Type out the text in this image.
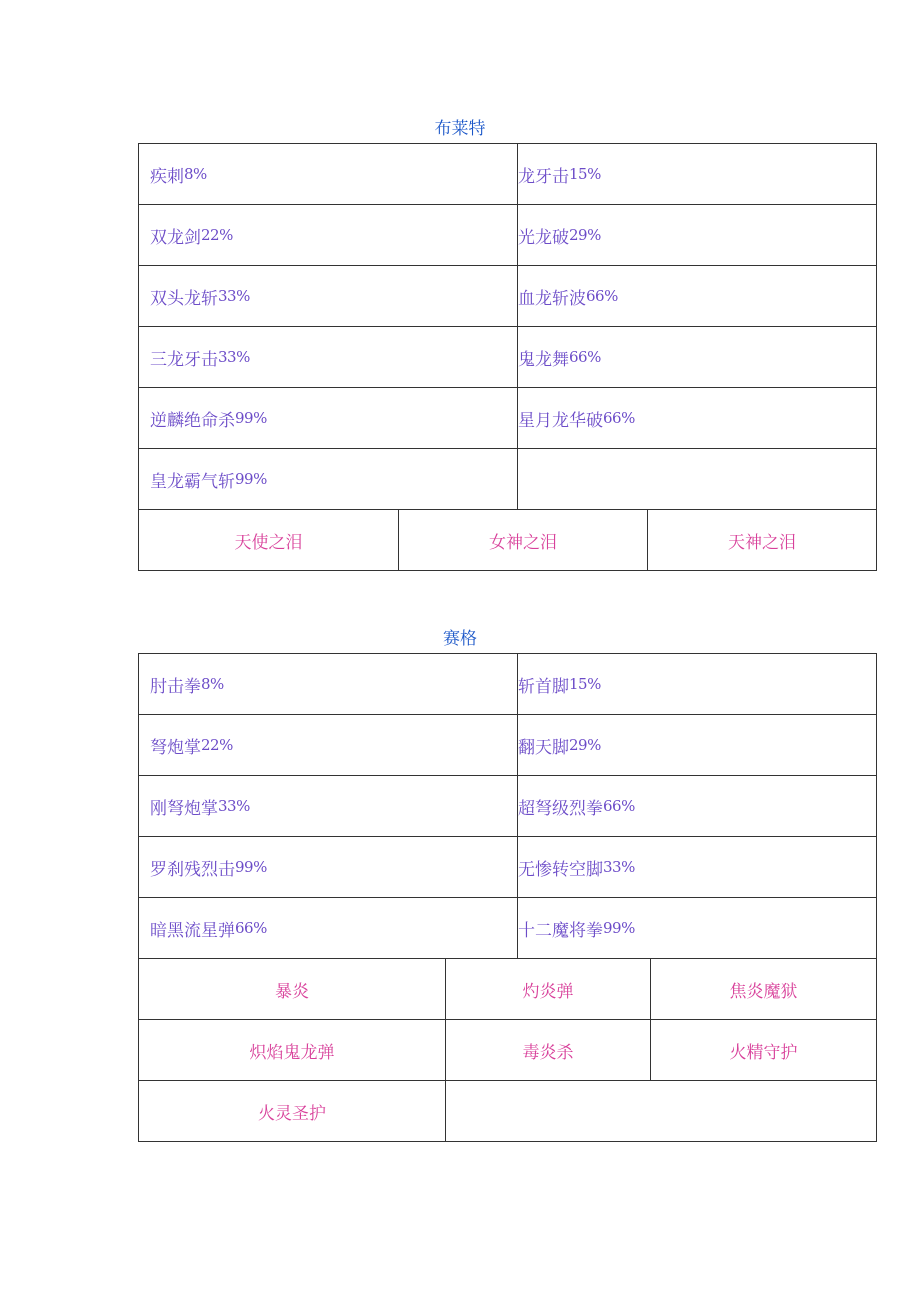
布莱特
疾刺 8%	龙牙击 15%
双龙剑 22%	光龙破 29%
双头龙斩 33%	血龙斩波 66%
三龙牙击 33%	鬼龙舞 66%
逆麟绝命杀 99%	星月龙华破 66%
皇龙霸气斩 99%
天使之泪	女神之泪	天神之泪
赛格
肘击拳 8%	斩首脚 15%
弩炮掌 22%	翻天脚 29%
刚弩炮掌 33%	超弩级烈拳 66%
罗刹残烈击 99%	无惨转空脚 33%
暗黑流星弹 66%	十二魔将拳 99%
暴炎	灼炎弹	焦炎魔狱
炽焰鬼龙弹	毒炎杀	火精守护
火灵圣护
